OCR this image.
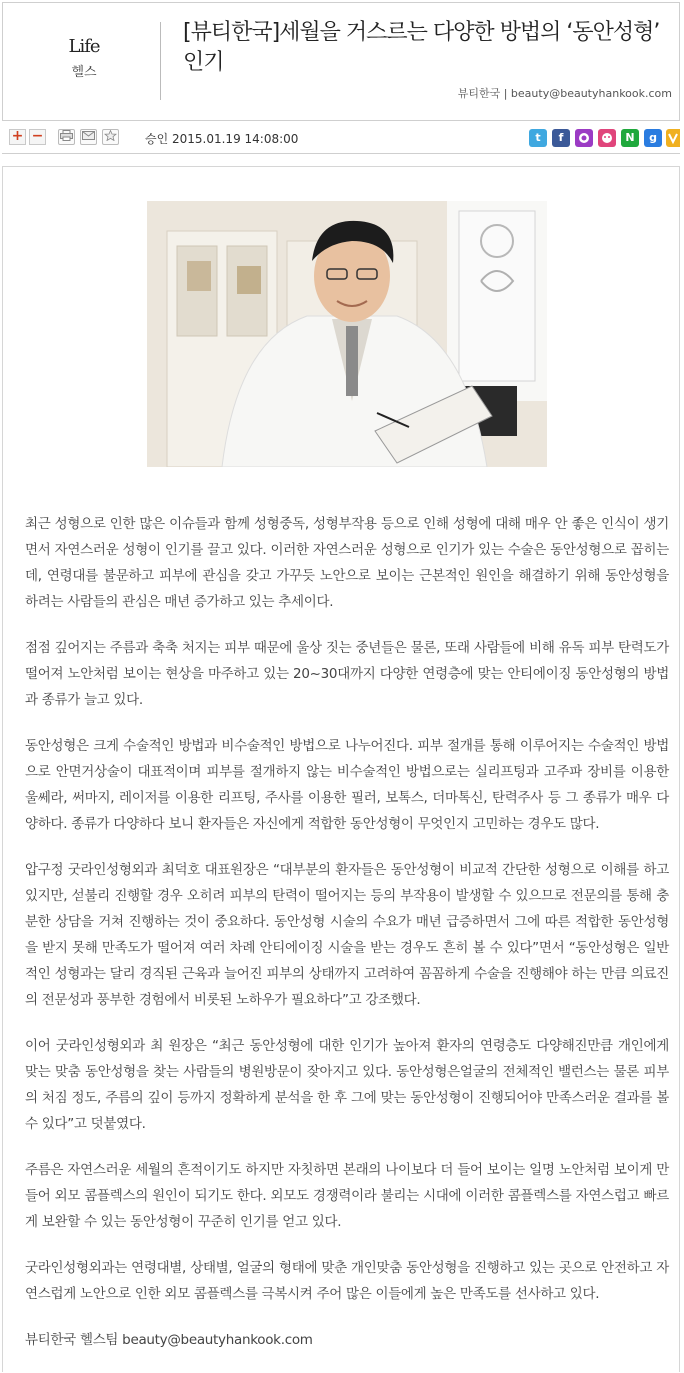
Life
헬스
[뷰티한국]세월을 거스르는 다양한 방법의 ‘동안성형’ 인기
뷰티한국 | beauty@beautyhankook.com
+ −	승인 2015.01.19 14:08:00	t	f	N	g

최근 성형으로 인한 많은 이슈들과 함께 성형중독, 성형부작용 등으로 인해 성형에 대해 매우 안 좋은 인식이 생기면서 자연스러운 성형이 인기를 끌고 있다. 이러한 자연스러운 성형으로 인기가 있는 수술은 동안성형으로 꼽히는데, 연령대를 불문하고 피부에 관심을 갖고 가꾸듯 노안으로 보이는 근본적인 원인을 해결하기 위해 동안성형을 하려는 사람들의 관심은 매년 증가하고 있는 추세이다.

점점 깊어지는 주름과 축축 처지는 피부 때문에 울상 짓는 중년들은 물론, 또래 사람들에 비해 유독 피부 탄력도가 떨어져 노안처럼 보이는 현상을 마주하고 있는 20~30대까지 다양한 연령층에 맞는 안티에이징 동안성형의 방법과 종류가 늘고 있다.

동안성형은 크게 수술적인 방법과 비수술적인 방법으로 나누어진다. 피부 절개를 통해 이루어지는 수술적인 방법으로 안면거상술이 대표적이며 피부를 절개하지 않는 비수술적인 방법으로는 실리프팅과 고주파 장비를 이용한 울쎄라, 써마지, 레이저를 이용한 리프팅, 주사를 이용한 필러, 보톡스, 더마톡신, 탄력주사 등 그 종류가 매우 다양하다. 종류가 다양하다 보니 환자들은 자신에게 적합한 동안성형이 무엇인지 고민하는 경우도 많다.

압구정 굿라인성형외과 최덕호 대표원장은 “대부분의 환자들은 동안성형이 비교적 간단한 성형으로 이해를 하고 있지만, 섣불리 진행할 경우 오히려 피부의 탄력이 떨어지는 등의 부작용이 발생할 수 있으므로 전문의를 통해 충분한 상담을 거쳐 진행하는 것이 중요하다. 동안성형 시술의 수요가 매년 급증하면서 그에 따른 적합한 동안성형을 받지 못해 만족도가 떨어져 여러 차례 안티에이징 시술을 받는 경우도 흔히 볼 수 있다”면서 “동안성형은 일반적인 성형과는 달리 경직된 근육과 늘어진 피부의 상태까지 고려하여 꼼꼼하게 수술을 진행해야 하는 만큼 의료진의 전문성과 풍부한 경험에서 비롯된 노하우가 필요하다”고 강조했다.

이어 굿라인성형외과 최 원장은 “최근 동안성형에 대한 인기가 높아져 환자의 연령층도 다양해진만큼 개인에게 맞는 맞춤 동안성형을 찾는 사람들의 병원방문이 잦아지고 있다. 동안성형은얼굴의 전체적인 밸런스는 물론 피부의 처짐 정도, 주름의 깊이 등까지 정확하게 분석을 한 후 그에 맞는 동안성형이 진행되어야 만족스러운 결과를 볼 수 있다”고 덧붙였다.

주름은 자연스러운 세월의 흔적이기도 하지만 자칫하면 본래의 나이보다 더 들어 보이는 일명 노안처럼 보이게 만들어 외모 콤플렉스의 원인이 되기도 한다. 외모도 경쟁력이라 불리는 시대에 이러한 콤플렉스를 자연스럽고 빠르게 보완할 수 있는 동안성형이 꾸준히 인기를 얻고 있다.

굿라인성형외과는 연령대별, 상태별, 얼굴의 형태에 맞춘 개인맞춤 동안성형을 진행하고 있는 곳으로 안전하고 자연스럽게 노안으로 인한 외모 콤플렉스를 극복시켜 주어 많은 이들에게 높은 만족도를 선사하고 있다.

뷰티한국 헬스팀 beauty@beautyhankook.com
